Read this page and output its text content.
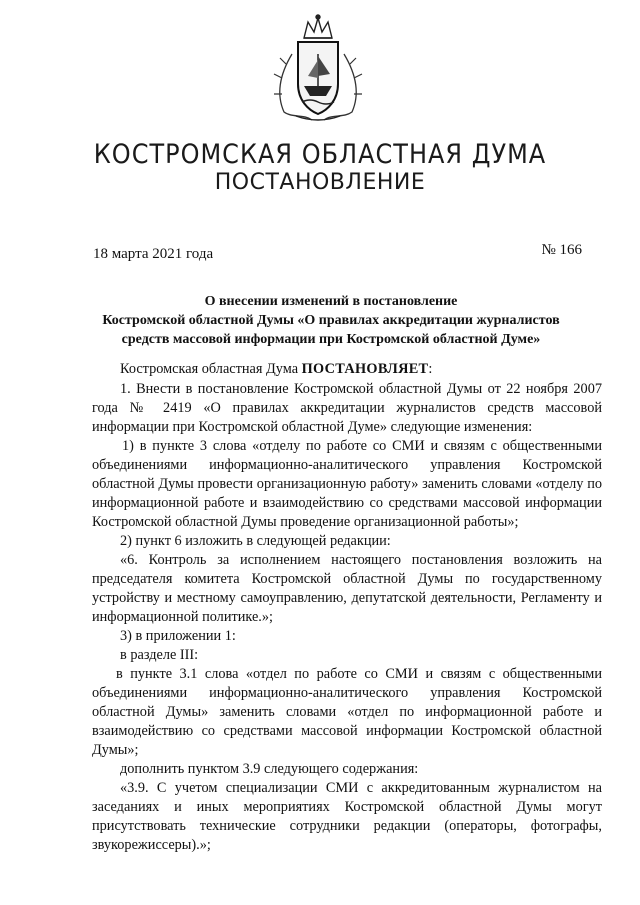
КОСТРОМСКАЯ ОБЛАСТНАЯ ДУМА
ПОСТАНОВЛЕНИЕ
18 марта 2021 года	№ 166
О внесении изменений в постановление
Костромской областной Думы «О правилах аккредитации журналистов
средств массовой информации при Костромской областной Думе»

Костромская областная Дума ПОСТАНОВЛЯЕТ:

1. Внести в постановление Костромской областной Думы от 22 ноября 2007 года № 2419 «О правилах аккредитации журналистов средств массовой информации при Костромской областной Думе» следующие изменения:

1) в пункте 3 слова «отделу по работе со СМИ и связям с общественными объединениями информационно-аналитического управления Костромской областной Думы провести организационную работу» заменить словами «отделу по информационной работе и взаимодействию со средствами массовой информации Костромской областной Думы проведение организационной работы»;

2) пункт 6 изложить в следующей редакции:

«6. Контроль за исполнением настоящего постановления возложить на председателя комитета Костромской областной Думы по государственному устройству и местному самоуправлению, депутатской деятельности, Регламенту и информационной политике.»;

3) в приложении 1:

в разделе III:

в пункте 3.1 слова «отдел по работе со СМИ и связям с общественными объединениями информационно-аналитического управления Костромской областной Думы» заменить словами «отдел по информационной работе и взаимодействию со средствами массовой информации Костромской областной Думы»;

дополнить пунктом 3.9 следующего содержания:

«3.9. С учетом специализации СМИ с аккредитованным журналистом на заседаниях и иных мероприятиях Костромской областной Думы могут присутствовать технические сотрудники редакции (операторы, фотографы, звукорежиссеры).»;
